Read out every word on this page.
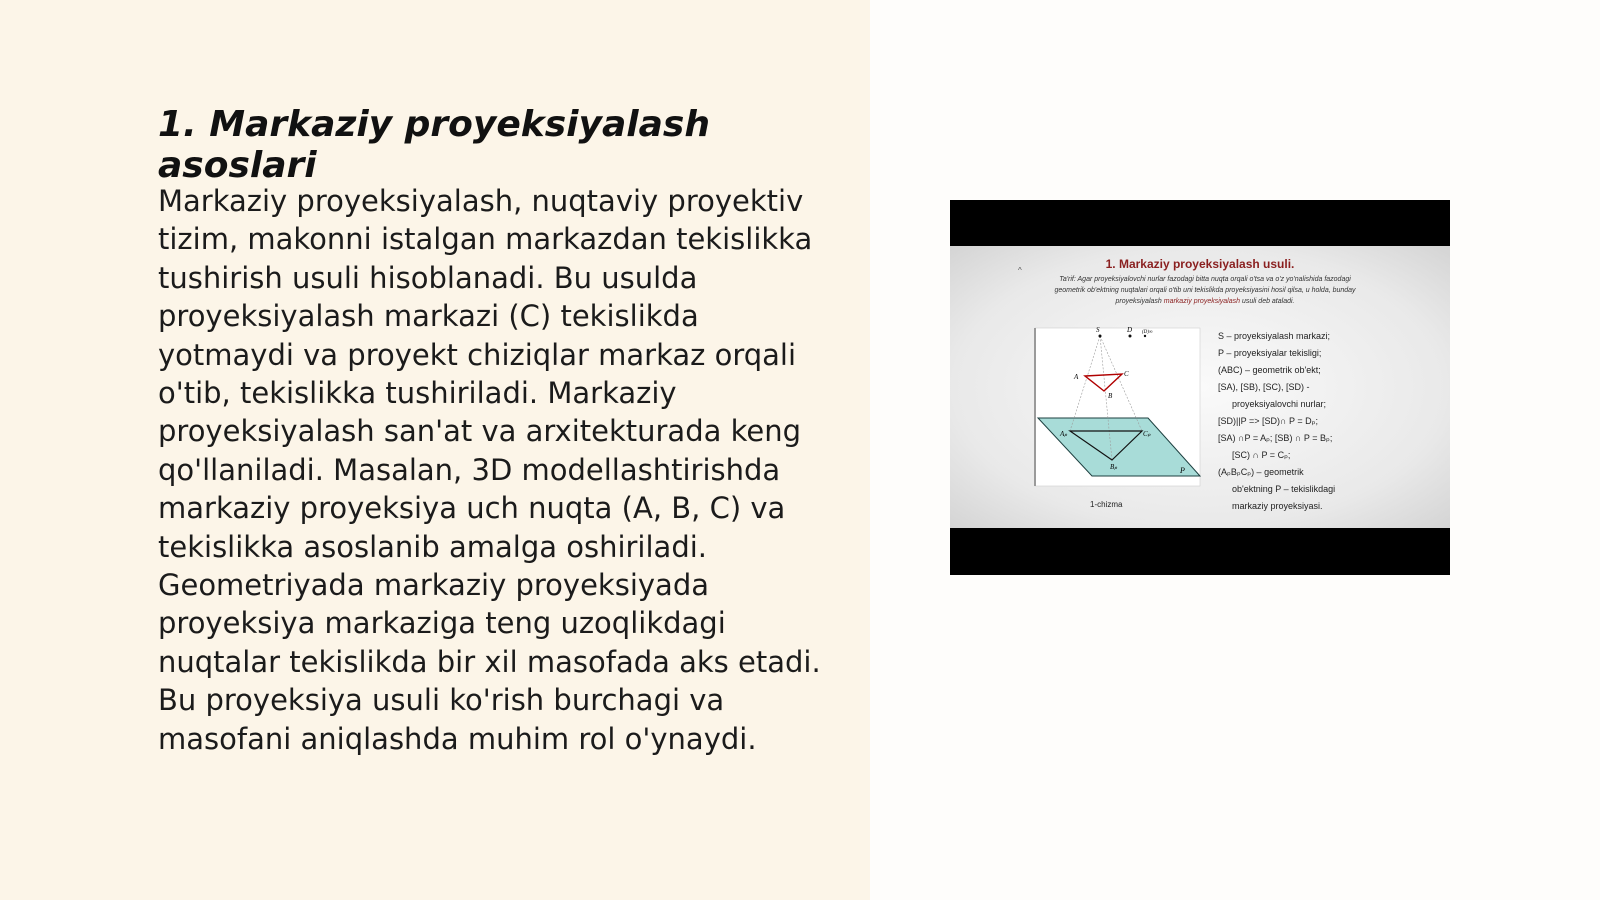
1. Markaziy proyeksiyalash asoslari

Markaziy proyeksiyalash, nuqtaviy proyektiv tizim, makonni istalgan markazdan tekislikka tushirish usuli hisoblanadi. Bu usulda proyeksiyalash markazi (C) tekislikda yotmaydi va proyekt chiziqlar markaz orqali o'tib, tekislikka tushiriladi. Markaziy proyeksiyalash san'at va arxitekturada keng qo'llaniladi. Masalan, 3D modellashtirishda markaziy proyeksiya uch nuqta (A, B, C) va tekislikka asoslanib amalga oshiriladi. Geometriyada markaziy proyeksiyada proyeksiya markaziga teng uzoqlikdagi nuqtalar tekislikda bir xil masofada aks etadi. Bu proyeksiya usuli ko'rish burchagi va masofani aniqlashda muhim rol o'ynaydi.

^	1. Markaziy proyeksiyalash usuli.
Ta'rif: Agar proyeksiyalovchi nurlar fazodagi bitta nuqta orqali o'tsa va o'z yo'nalishida fazodagi geometrik ob'ektning nuqtalari orqali o'tib uni tekislikda proyeksiyasini hosil qilsa, u holda, bunday proyeksiyalash markaziy proyeksiyalash usuli deb ataladi.
S	D (D)∞
A	C
B
Aₚ	Cₚ
Bₚ	P
1-chizma
S – proyeksiyalash markazi;
P – proyeksiyalar tekisligi;
(ABC) – geometrik ob'ekt;
[SA), [SB), [SC), [SD) -
proyeksiyalovchi nurlar;
[SD)||P => [SD)∩ P = Dₚ;
[SA) ∩P = Aₚ; [SB) ∩ P = Bₚ;
[SC) ∩ P = Cₚ;
(AₚBₚCₚ) – geometrik
ob'ektning P – tekislikdagi
markaziy proyeksiyasi.
